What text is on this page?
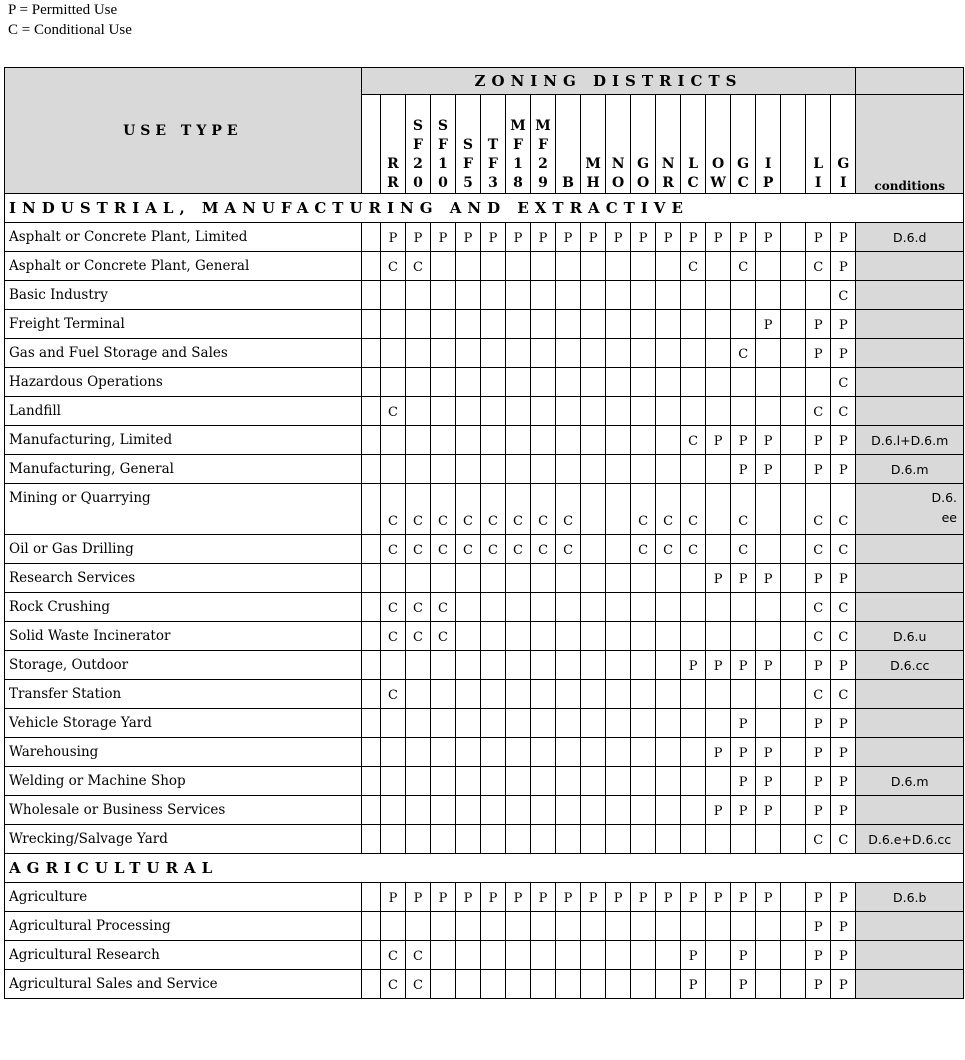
P = Permitted Use
C = Conditional Use
USE TYPE	ZONING DISTRICTS																				
		R
R	S
F
2
0	S
F
1
0	S
F
5	T
F
3	M
F
1
8	M
F
2
9	B	M
H	N
O	G
O	N
R	L
C	O
W	G
C	I
P		L
I	G
I	conditions
INDUSTRIAL, MANUFACTURING AND EXTRACTIVE																					
Asphalt or Concrete Plant, Limited		P	P	P	P	P	P	P	P	P	P	P	P	P	P	P	P		P	P	D.6.d
Asphalt or Concrete Plant, General		C	C											C		C			C	P	
Basic Industry																				C	
Freight Terminal																	P		P	P	
Gas and Fuel Storage and Sales																C			P	P	
Hazardous Operations																				C	
Landfill		C																	C	C	
Manufacturing, Limited														C	P	P	P		P	P	D.6.l+D.6.m
Manufacturing, General																P	P		P	P	D.6.m
Mining or Quarrying		C	C	C	C	C	C	C	C			C	C	C		C			C	C	D.6.
ee
Oil or Gas Drilling		C	C	C	C	C	C	C	C			C	C	C		C			C	C	
Research Services															P	P	P		P	P	
Rock Crushing		C	C	C															C	C	
Solid Waste Incinerator		C	C	C															C	C	D.6.u
Storage, Outdoor														P	P	P	P		P	P	D.6.cc
Transfer Station		C																	C	C	
Vehicle Storage Yard																P			P	P	
Warehousing															P	P	P		P	P	
Welding or Machine Shop																P	P		P	P	D.6.m
Wholesale or Business Services															P	P	P		P	P	
Wrecking/Salvage Yard																			C	C	D.6.e+D.6.cc
AGRICULTURAL																					
Agriculture		P	P	P	P	P	P	P	P	P	P	P	P	P	P	P	P		P	P	D.6.b
Agricultural Processing																			P	P	
Agricultural Research		C	C											P		P			P	P	
Agricultural Sales and Service		C	C											P		P			P	P	
